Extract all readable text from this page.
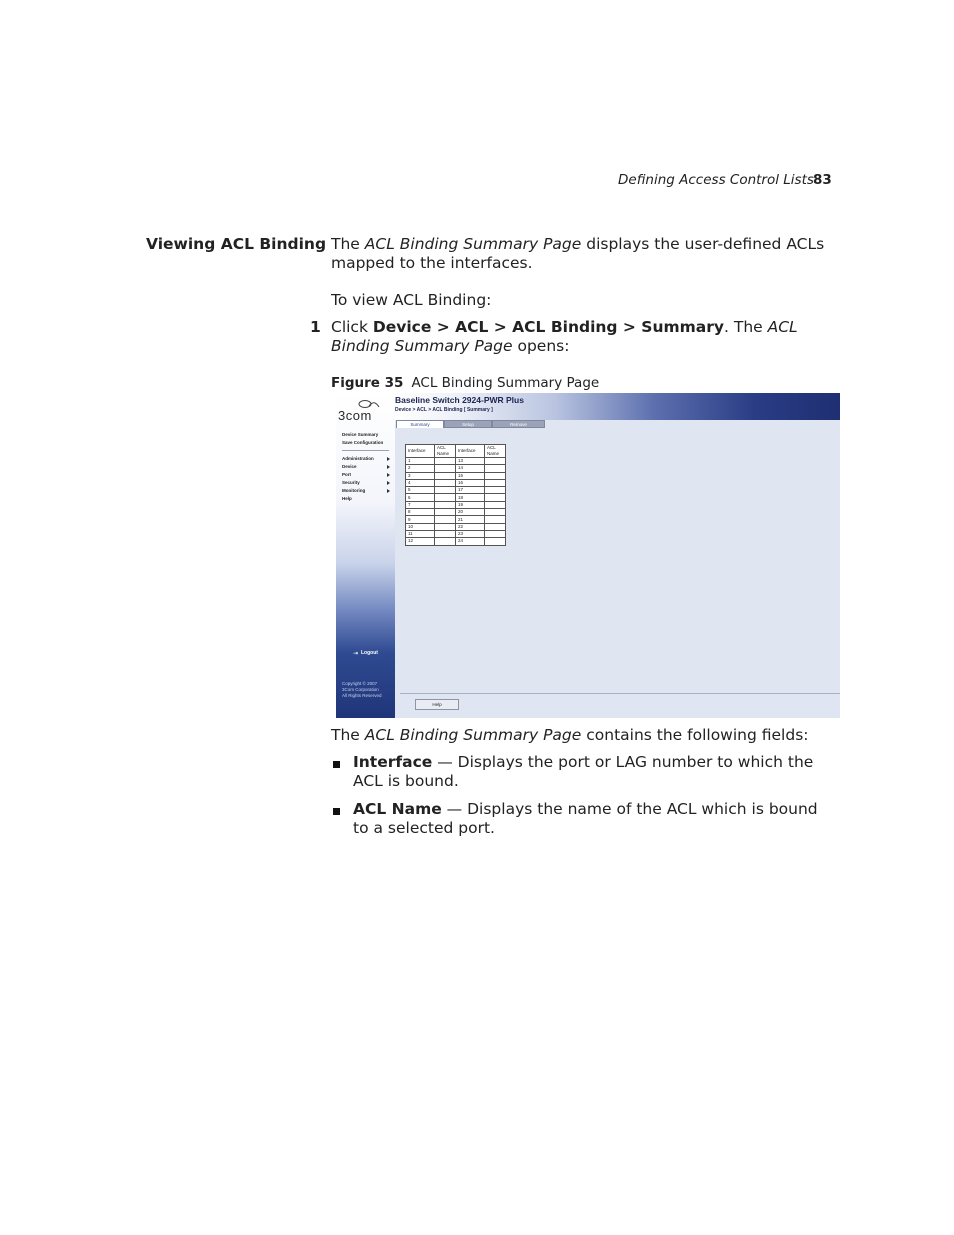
Defining Access Control Lists 83
Viewing ACL Binding The ACL Binding Summary Page displays the user-defined ACLs mapped to the interfaces.
To view ACL Binding:
1 Click Device > ACL > ACL Binding > Summary. The ACL Binding Summary Page opens:
Figure 35 ACL Binding Summary Page
3com
Device Summary
Save Configuration
Administration
Device
Port
Security
Monitoring
Help
⇥ Logout
Copyright © 2007
3Com Corporation
All Rights Reserved
Baseline Switch 2924-PWR Plus
Device > ACL > ACL Binding [ Summary ]
Summary	Setup	Remove
Interface	ACL Name	Interface	ACL Name
1		13	
2		14	
3		15	
4		16	
5		17	
6		18	
7		19	
8		20	
9		21	
10		22	
11		23	
12		24	
Help
The ACL Binding Summary Page contains the following fields:
Interface — Displays the port or LAG number to which the ACL is bound.
ACL Name — Displays the name of the ACL which is bound to a selected port.
